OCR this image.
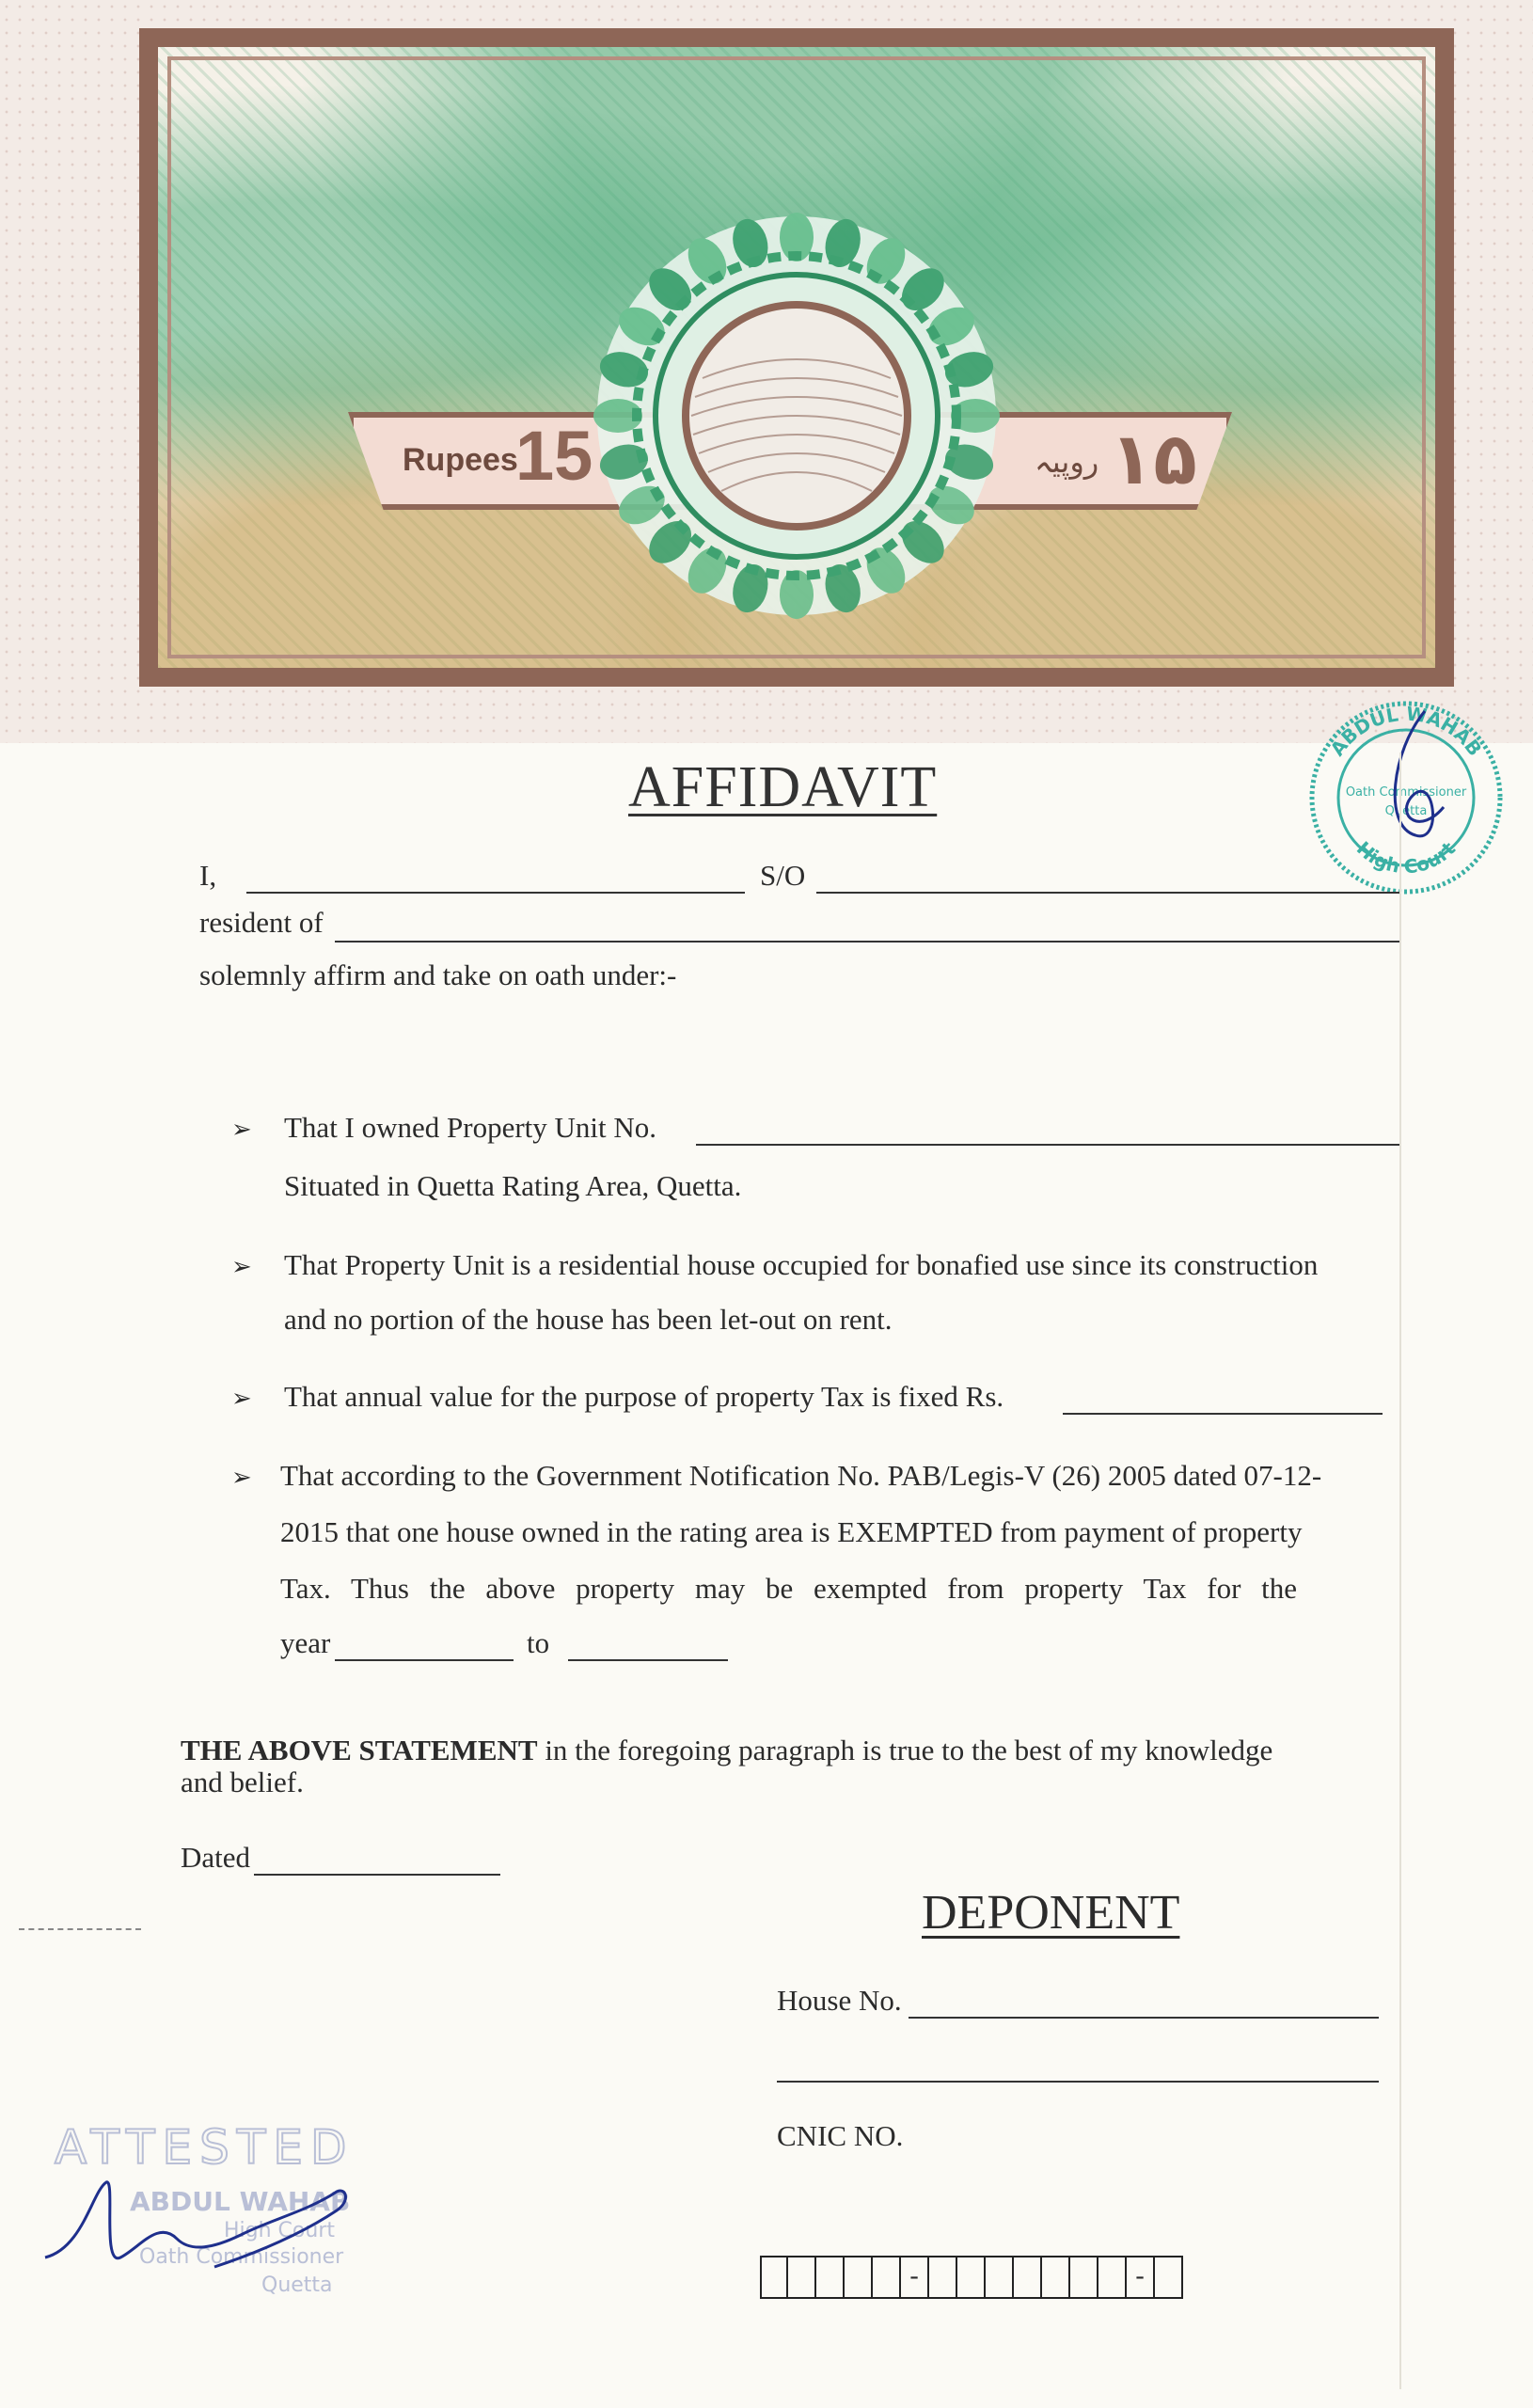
Rupees
15	روپیہ ۱۵
ABDUL WAHAB
Oath Commissioner
Quetta
High Court
AFFIDAVIT
I,	S/O
resident of
solemnly affirm and take on oath under:-
➢ That I owned Property Unit No.
Situated in Quetta Rating Area, Quetta.
➢ That Property Unit is a residential house occupied for bonafied use since its construction
and no portion of the house has been let-out on rent.
➢ That annual value for the purpose of property Tax is fixed Rs.
➢ That according to the Government Notification No. PAB/Legis-V (26) 2005 dated 07-12-
2015 that one house owned in the rating area is EXEMPTED from payment of property
Tax. Thus the above property may be exempted from property Tax for the
year	to
THE ABOVE STATEMENT in the foregoing paragraph is true to the best of my knowledge
and belief.
Dated
DEPONENT
House No.
CNIC NO.
-	-
ATTESTED
ABDUL WAHAB
High Court
Oath Commissioner
Quetta
